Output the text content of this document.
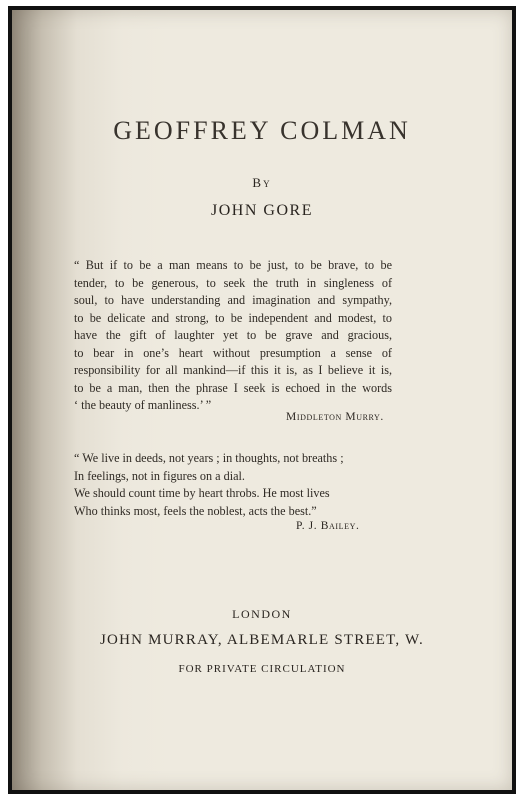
GEOFFREY COLMAN
By
JOHN GORE
“ But if to be a man means to be just, to be brave, to be
tender, to be generous, to seek the truth in singleness of
soul, to have understanding and imagination and sympathy,
to be delicate and strong, to be independent and modest, to
have the gift of laughter yet to be grave and gracious,
to bear in one’s heart without presumption a sense of
responsibility for all mankind—if this it is, as I believe it is,
to be a man, then the phrase I seek is echoed in the words
‘ the beauty of manliness.’ ”
Middleton Murry.
“ We live in deeds, not years ; in thoughts, not breaths ;
In feelings, not in figures on a dial.
We should count time by heart throbs. He most lives
Who thinks most, feels the noblest, acts the best.”
P. J. Bailey.
LONDON
JOHN MURRAY, ALBEMARLE STREET, W.
FOR PRIVATE CIRCULATION
